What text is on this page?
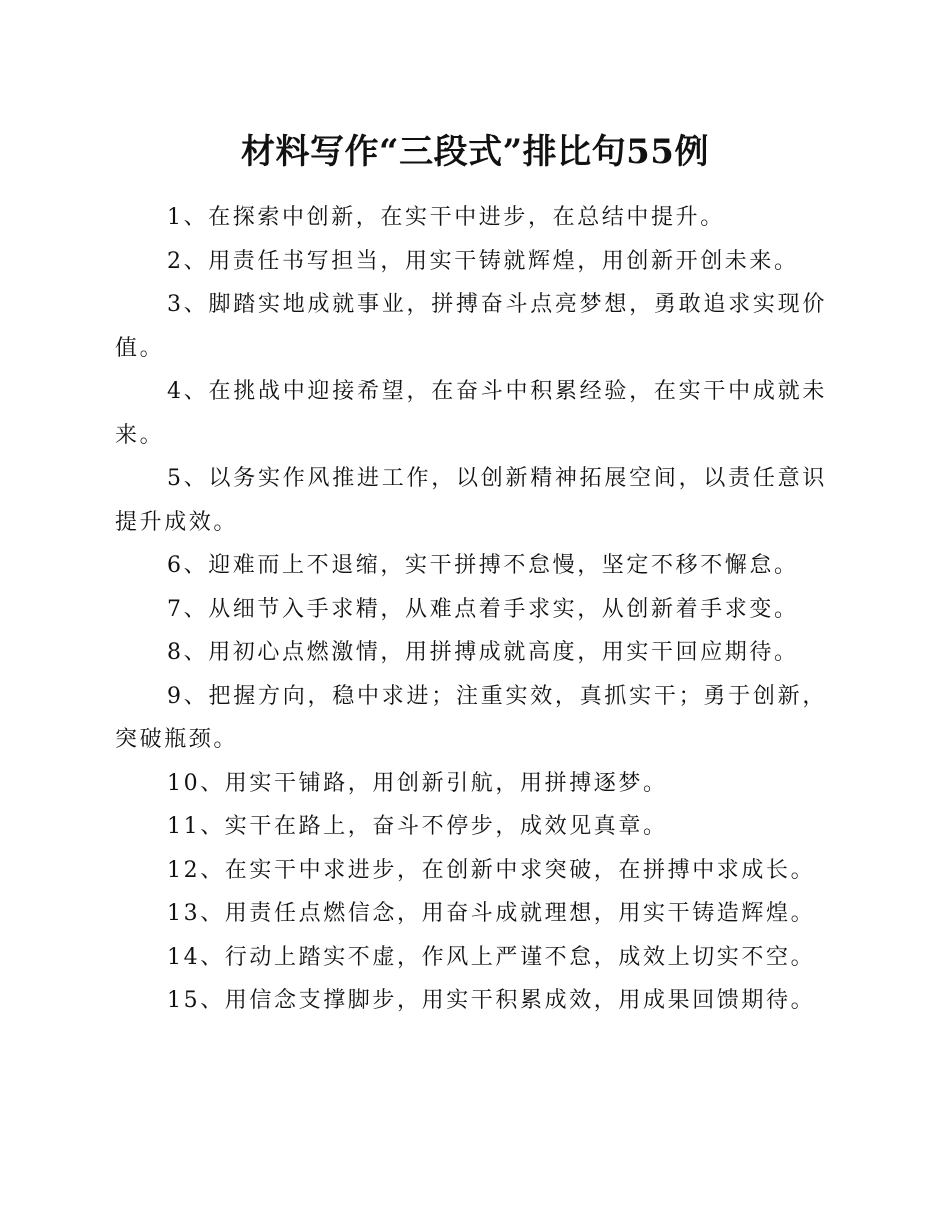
材料写作“三段式”排比句55例

1、在探索中创新，在实干中进步，在总结中提升。

2、用责任书写担当，用实干铸就辉煌，用创新开创未来。

3、脚踏实地成就事业，拼搏奋斗点亮梦想，勇敢追求实现价值。

4、在挑战中迎接希望，在奋斗中积累经验，在实干中成就未来。

5、以务实作风推进工作，以创新精神拓展空间，以责任意识提升成效。

6、迎难而上不退缩，实干拼搏不怠慢，坚定不移不懈怠。

7、从细节入手求精，从难点着手求实，从创新着手求变。

8、用初心点燃激情，用拼搏成就高度，用实干回应期待。

9、把握方向，稳中求进；注重实效，真抓实干；勇于创新，突破瓶颈。

10、用实干铺路，用创新引航，用拼搏逐梦。

11、实干在路上，奋斗不停步，成效见真章。

12、在实干中求进步，在创新中求突破，在拼搏中求成长。

13、用责任点燃信念，用奋斗成就理想，用实干铸造辉煌。

14、行动上踏实不虚，作风上严谨不怠，成效上切实不空。

15、用信念支撑脚步，用实干积累成效，用成果回馈期待。
